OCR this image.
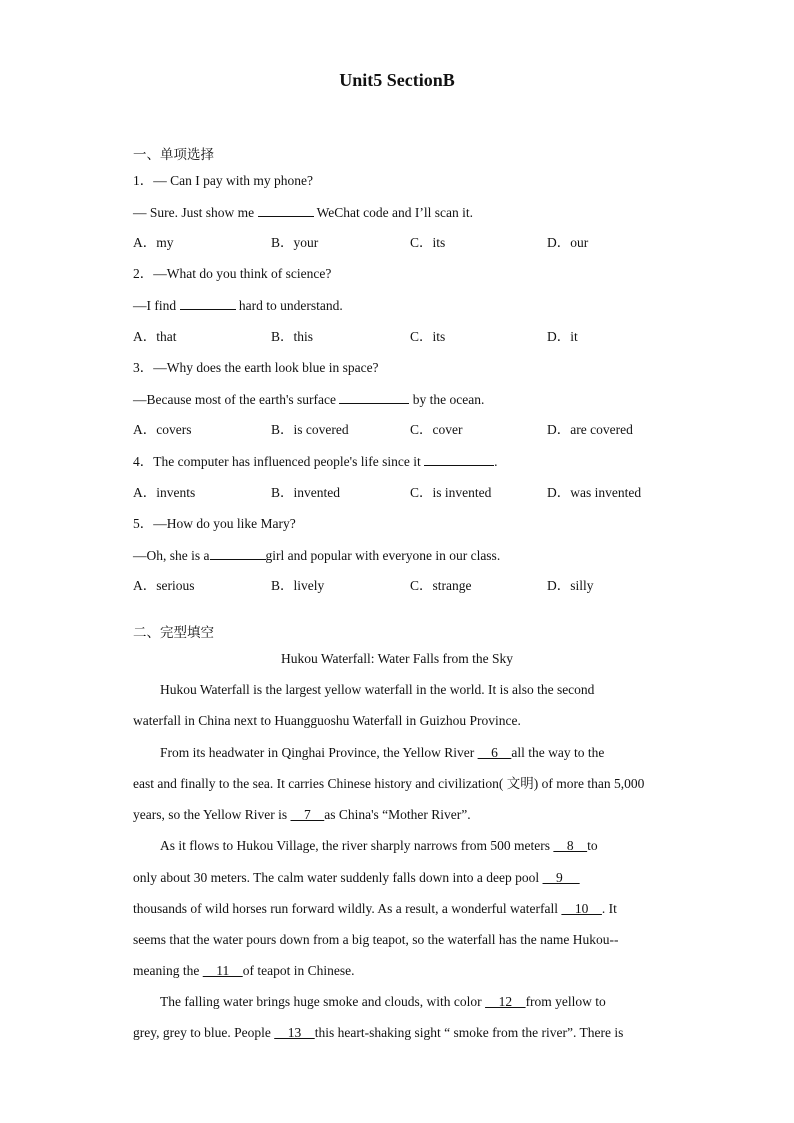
Unit5 SectionB
一、单项选择
1．— Can I pay with my phone?
— Sure. Just show me	WeChat code and I’ll scan it.
A．my	B．your	C．its	D．our
2．—What do you think of science?
—I find	hard to understand.
A．that	B．this	C．its	D．it
3．—Why does the earth look blue in space?
—Because most of the earth's surface	by the ocean.
A．covers	B．is covered	C．cover	D．are covered
4．The computer has influenced people's life since it	.
A．invents	B．invented	C．is invented	D．was invented
5．—How do you like Mary?
—Oh, she is a	girl and popular with everyone in our class.
A．serious	B．lively	C．strange	D．silly
二、完型填空
Hukou Waterfall: Water Falls from the Sky
Hukou Waterfall is the largest yellow waterfall in the world. It is also the second
waterfall in China next to Huangguoshu Waterfall in Guizhou Province.
From its headwater in Qinghai Province, the Yellow River     6    all the way to the
east and finally to the sea. It carries Chinese history and civilization( 文明) of more than 5,000
years, so the Yellow River is     7    as China's “Mother River”.
As it flows to Hukou Village, the river sharply narrows from 500 meters     8    to
only about 30 meters. The calm water suddenly falls down into a deep pool     9
thousands of wild horses run forward wildly. As a result, a wonderful waterfall     10    . It
seems that the water pours down from a big teapot, so the waterfall has the name Hukou--
meaning the     11    of teapot in Chinese.
The falling water brings huge smoke and clouds, with color     12    from yellow to
grey, grey to blue. People     13    this heart-shaking sight “ smoke from the river”. There is
